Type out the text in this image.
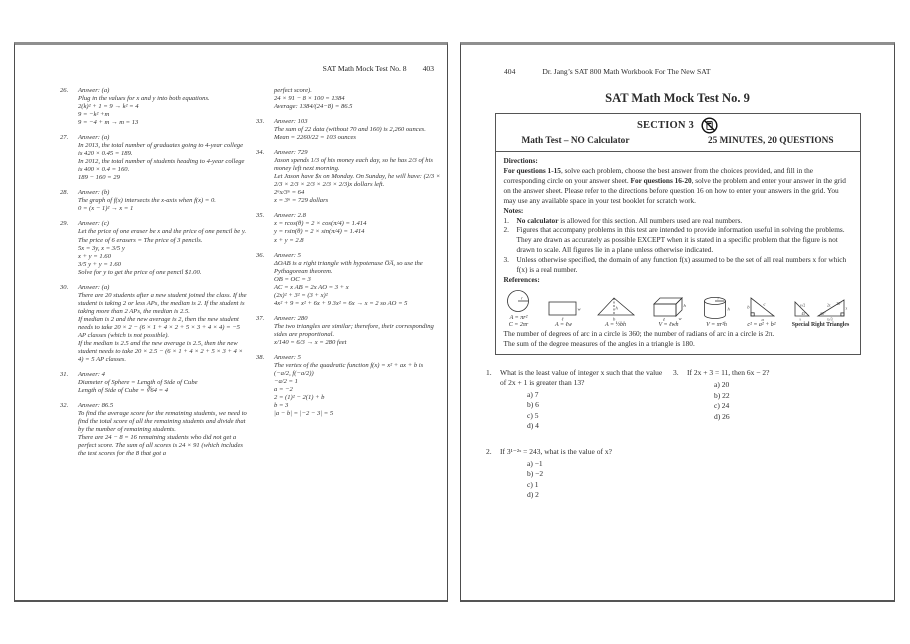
SAT Math Mock Test No. 8 403
26.	Answer: (a)

Plug in the values for x and y into both equations.

2(k)² + 1 = 9 → k² = 4

9 = −k² +m

9 = −4 + m → m = 13

27.	Answer: (a)

In 2013, the total number of graduates going to 4-year college is 420 × 0.45 = 189.

In 2012, the total number of students heading to 4-year college is 400 × 0.4 = 160.

189 − 160 = 29

28.	Answer: (b)

The graph of f(x) intersects the x-axis when f(x) = 0.

0 = (x − 1)² → x = 1

29.	Answer: (c)

Let the price of one eraser be x and the price of one pencil be y. The price of 6 erasers = The price of 3 pencils.

5x = 3y, x = 3/5 y

x + y = 1.60

3/5 y + y = 1.60

Solve for y to get the price of one pencil $1.00.

30.	Answer: (a)

There are 20 students after a new student joined the class. If the student is taking 2 or less APs, the median is 2. If the student is taking more than 2 APs, the median is 2.5.

If median is 2 and the new average is 2, then the new student needs to take 20 × 2 − (6 × 1 + 4 × 2 + 5 × 3 + 4 × 4) = −5 AP classes (which is not possible).

If the median is 2.5 and the new average is 2.5, then the new student needs to take 20 × 2.5 − (6 × 1 + 4 × 2 + 5 × 3 + 4 × 4) = 5 AP classes.

31.	Answer: 4

Diameter of Sphere = Length of Side of Cube

Length of Side of Cube = ∛64 = 4

32.	Answer: 86.5

To find the average score for the remaining students, we need to find the total score of all the remaining students and divide that by the number of remaining students.

There are 24 − 8 = 16 remaining students who did not get a perfect score. The sum of all scores is 24 × 91 (which includes the test scores for the 8 that got a

perfect score).

24 × 91 − 8 × 100 = 1384

Average: 1384/(24−8) = 86.5

33.	Answer: 103

The sum of 22 data (without 70 and 160) is 2,260 ounces.

Mean = 2260/22 = 103 ounces

34.	Answer: 729

Jason spends 1/3 of his money each day, so he has 2/3 of his money left next morning.

Let Jason have $x on Monday. On Sunday, he will have: (2/3 × 2/3 × 2/3 × 2/3 × 2/3 × 2/3)x dollars left.

2⁶x/3⁶ = 64

x = 3⁶ = 729 dollars

35.	Answer: 2.8

x = rcos(θ) = 2 × cos(π/4) = 1.414

y = rsin(θ) = 2 × sin(π/4) = 1.414

x + y = 2.8

36.	Answer: 5

ΔOAB is a right triangle with hypotenuse O̅A̅, so use the Pythagorean theorem.

OB = OC = 3

AC = x AB = 2x AO = 3 + x

(2x)² + 3² = (3 + x)²

4x² + 9 = x² + 6x + 9 3x² = 6x → x = 2 so AO = 5

37.	Answer: 280

The two triangles are similar; therefore, their corresponding sides are proportional.

x/140 = 6/3 → x = 280 feet

38.	Answer: 5

The vertex of the quadratic function f(x) = x² + ax + b is (−a/2, f(−a/2))

−a/2 = 1

a = −2

2 = (1)² − 2(1) + b

b = 3

|a − b| = |−2 − 3| = 5

404	Dr. Jang’s SAT 800 Math Workbook For The New SAT
SAT Math Mock Test No. 9
SECTION 3
Math Test – NO Calculator	25 MINUTES, 20 QUESTIONS

Directions:

For questions 1-15, solve each problem, choose the best answer from the choices provided, and fill in the corresponding circle on your answer sheet. For questions 16-20, solve the problem and enter your answer in the grid on the answer sheet. Please refer to the directions before question 16 on how to enter your answers in the grid. You may use any available space in your test booklet for scratch work.

Notes:

1.	No calculator is allowed for this section. All numbers used are real numbers.
2.	Figures that accompany problems in this test are intended to provide information useful in solving the problems. They are drawn as accurately as possible EXCEPT when it is stated in a specific problem that the figure is not drawn to scale. All figures lie in a plane unless otherwise indicated.
3.	Unless otherwise specified, the domain of any function f(x) assumed to be the set of all real numbers x for which f(x) is a real number.

References:

r
A = πr²
C = 2πr
ℓ
w
A = ℓw
h
b
A = ½bh
ℓ	w
h
V = ℓwh
r
h
V = πr²h
b
a
c
c² = a² + b²
s√2
45°
s
2x 30°
60°
x
x√3
Special Right Triangles

The number of degrees of arc in a circle is 360; the number of radians of arc in a circle is 2π.

The sum of the degree measures of the angles in a triangle is 180.

1.	What is the least value of integer x such that the value of 2x + 1 is greater than 13?

a) 7

b) 6

c) 5

d) 4

2.	If 3¹⁻²ˣ = 243, what is the value of x?

a) −1

b) −2

c) 1

d) 2

3.	If 2x + 3 = 11, then 6x − 2?

a) 20

b) 22

c) 24

d) 26
